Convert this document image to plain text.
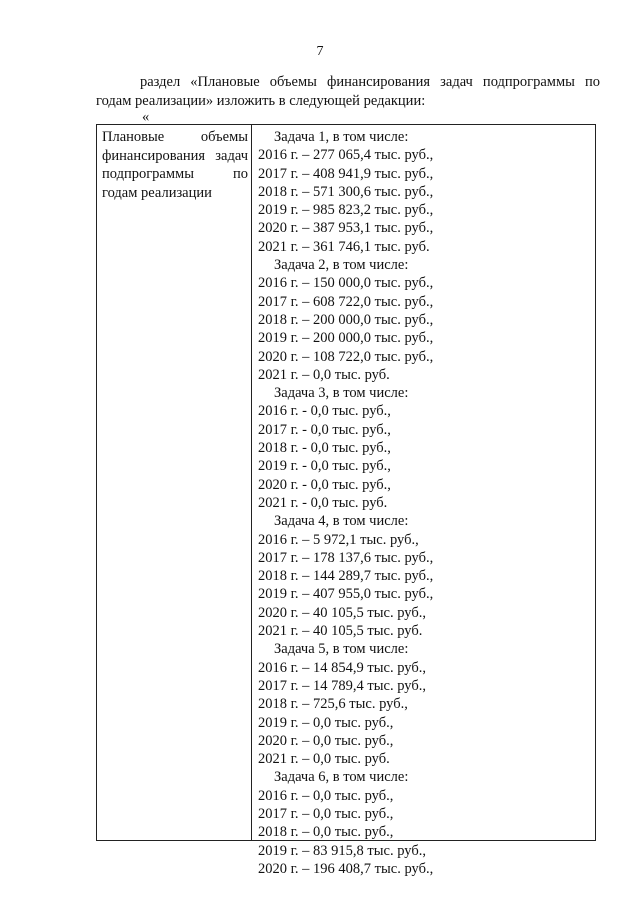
7
раздел «Плановые объемы финансирования задач подпрограммы по
годам реализации» изложить в следующей редакции:
«
Плановые объемы финансирования задач подпрограммы по годам реализации
Задача 1, в том числе:
2016 г. – 277 065,4 тыс. руб.,
2017 г. – 408 941,9 тыс. руб.,
2018 г. – 571 300,6 тыс. руб.,
2019 г. – 985 823,2 тыс. руб.,
2020 г. – 387 953,1 тыс. руб.,
2021 г. – 361 746,1 тыс. руб.
Задача 2, в том числе:
2016 г. – 150 000,0 тыс. руб.,
2017 г. – 608 722,0 тыс. руб.,
2018 г. – 200 000,0 тыс. руб.,
2019 г. – 200 000,0 тыс. руб.,
2020 г. – 108 722,0 тыс. руб.,
2021 г. – 0,0 тыс. руб.
Задача 3, в том числе:
2016 г. - 0,0 тыс. руб.,
2017 г. - 0,0 тыс. руб.,
2018 г. - 0,0 тыс. руб.,
2019 г. - 0,0 тыс. руб.,
2020 г. - 0,0 тыс. руб.,
2021 г. - 0,0 тыс. руб.
Задача 4, в том числе:
2016 г. – 5 972,1 тыс. руб.,
2017 г. – 178 137,6 тыс. руб.,
2018 г. – 144 289,7 тыс. руб.,
2019 г. – 407 955,0 тыс. руб.,
2020 г. – 40 105,5 тыс. руб.,
2021 г. – 40 105,5 тыс. руб.
Задача 5, в том числе:
2016 г. – 14 854,9 тыс. руб.,
2017 г. – 14 789,4 тыс. руб.,
2018 г. – 725,6 тыс. руб.,
2019 г. – 0,0 тыс. руб.,
2020 г. – 0,0 тыс. руб.,
2021 г. – 0,0 тыс. руб.
Задача 6, в том числе:
2016 г. – 0,0 тыс. руб.,
2017 г. – 0,0 тыс. руб.,
2018 г. – 0,0 тыс. руб.,
2019 г. – 83 915,8 тыс. руб.,
2020 г. – 196 408,7 тыс. руб.,
